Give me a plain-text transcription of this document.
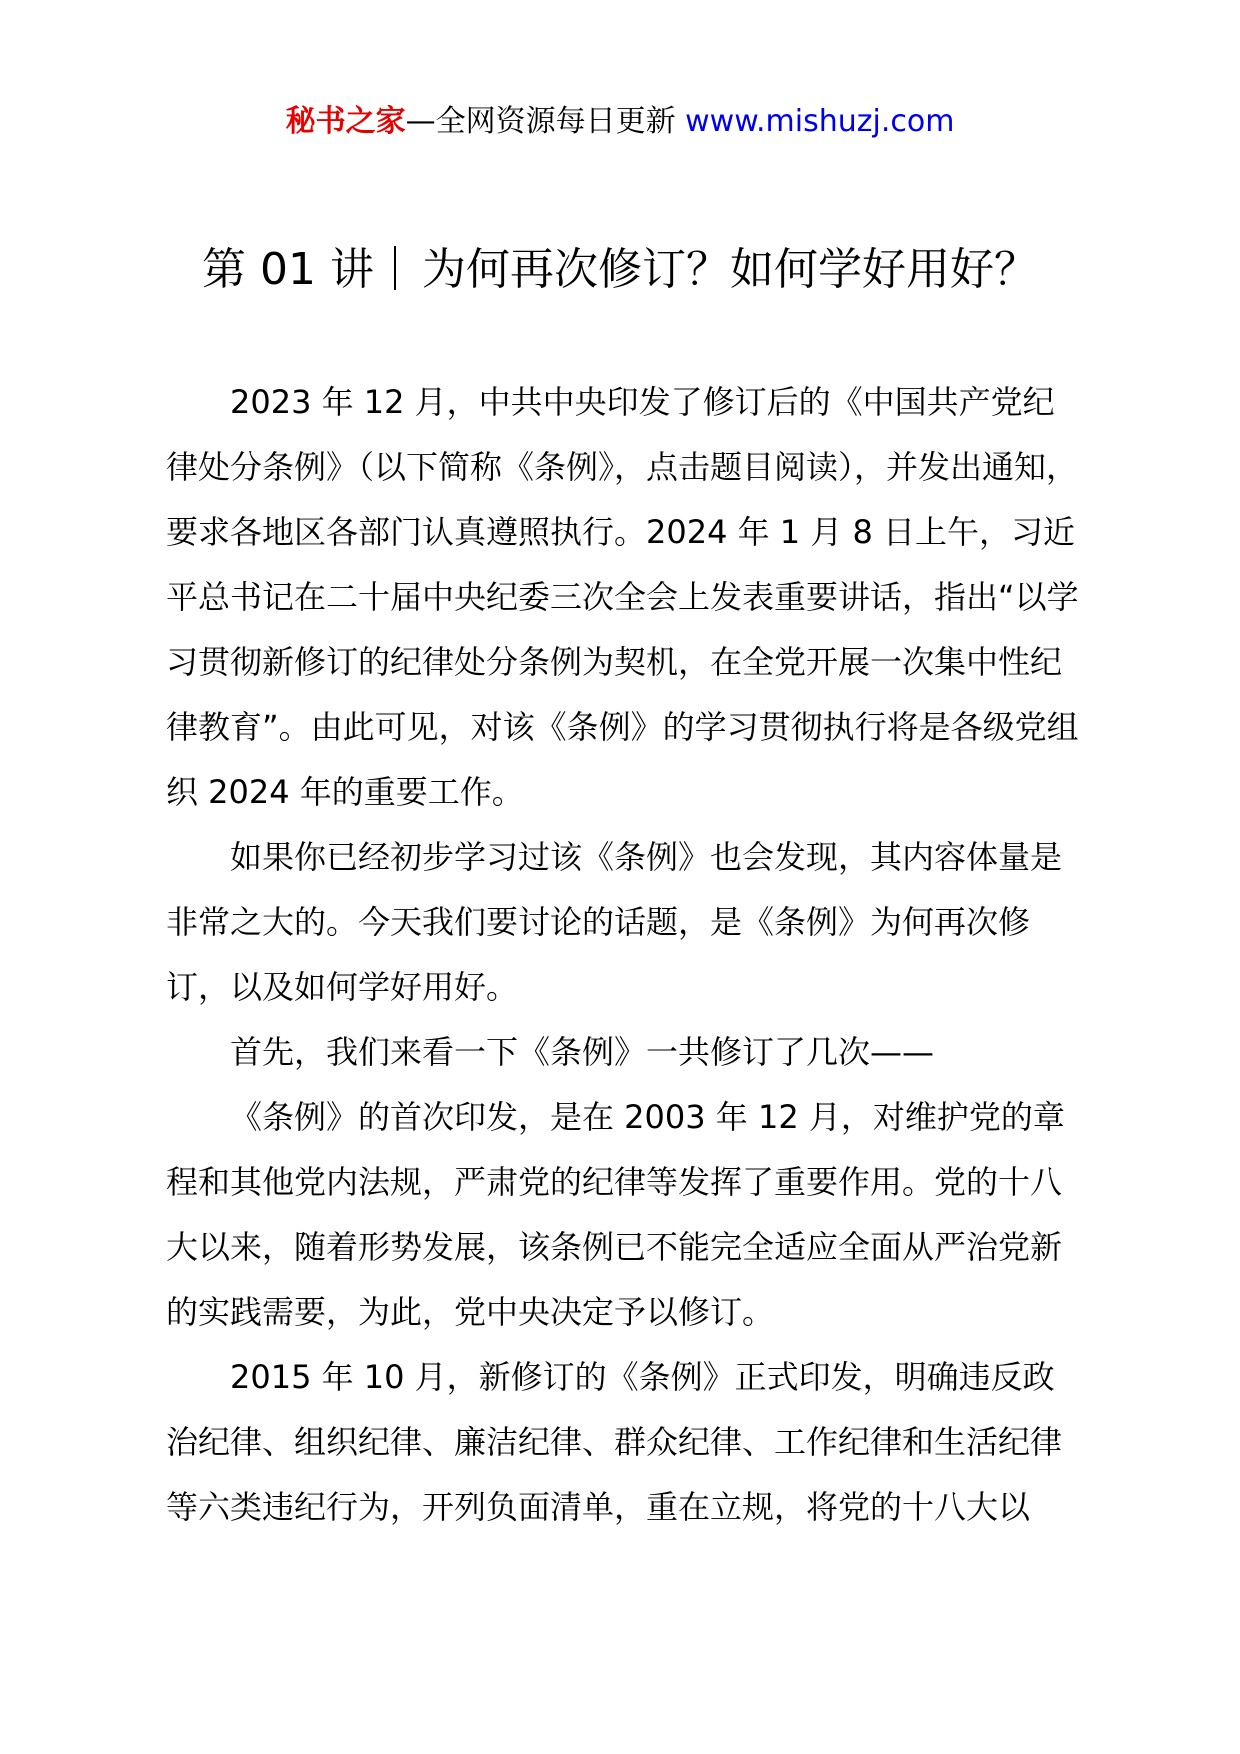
秘书之家—全网资源每日更新 www.mishuzj.com
第 01 讲 为何再次修订？如何学好用好？

2023 年 12 月，中共中央印发了修订后的《中国共产党纪律处分条例》（以下简称《条例》，点击题目阅读），并发出通知，要求各地区各部门认真遵照执行。2024 年 1 月 8 日上午，习近平总书记在二十届中央纪委三次全会上发表重要讲话，指出“以学习贯彻新修订的纪律处分条例为契机，在全党开展一次集中性纪律教育”。由此可见，对该《条例》的学习贯彻执行将是各级党组织 2024 年的重要工作。

如果你已经初步学习过该《条例》也会发现，其内容体量是非常之大的。今天我们要讨论的话题，是《条例》为何再次修订，以及如何学好用好。

首先，我们来看一下《条例》一共修订了几次——

《条例》的首次印发，是在 2003 年 12 月，对维护党的章程和其他党内法规，严肃党的纪律等发挥了重要作用。党的十八大以来，随着形势发展，该条例已不能完全适应全面从严治党新的实践需要，为此，党中央决定予以修订。

2015 年 10 月，新修订的《条例》正式印发，明确违反政治纪律、组织纪律、廉洁纪律、群众纪律、工作纪律和生活纪律等六类违纪行为，开列负面清单，重在立规，将党的十八大以
